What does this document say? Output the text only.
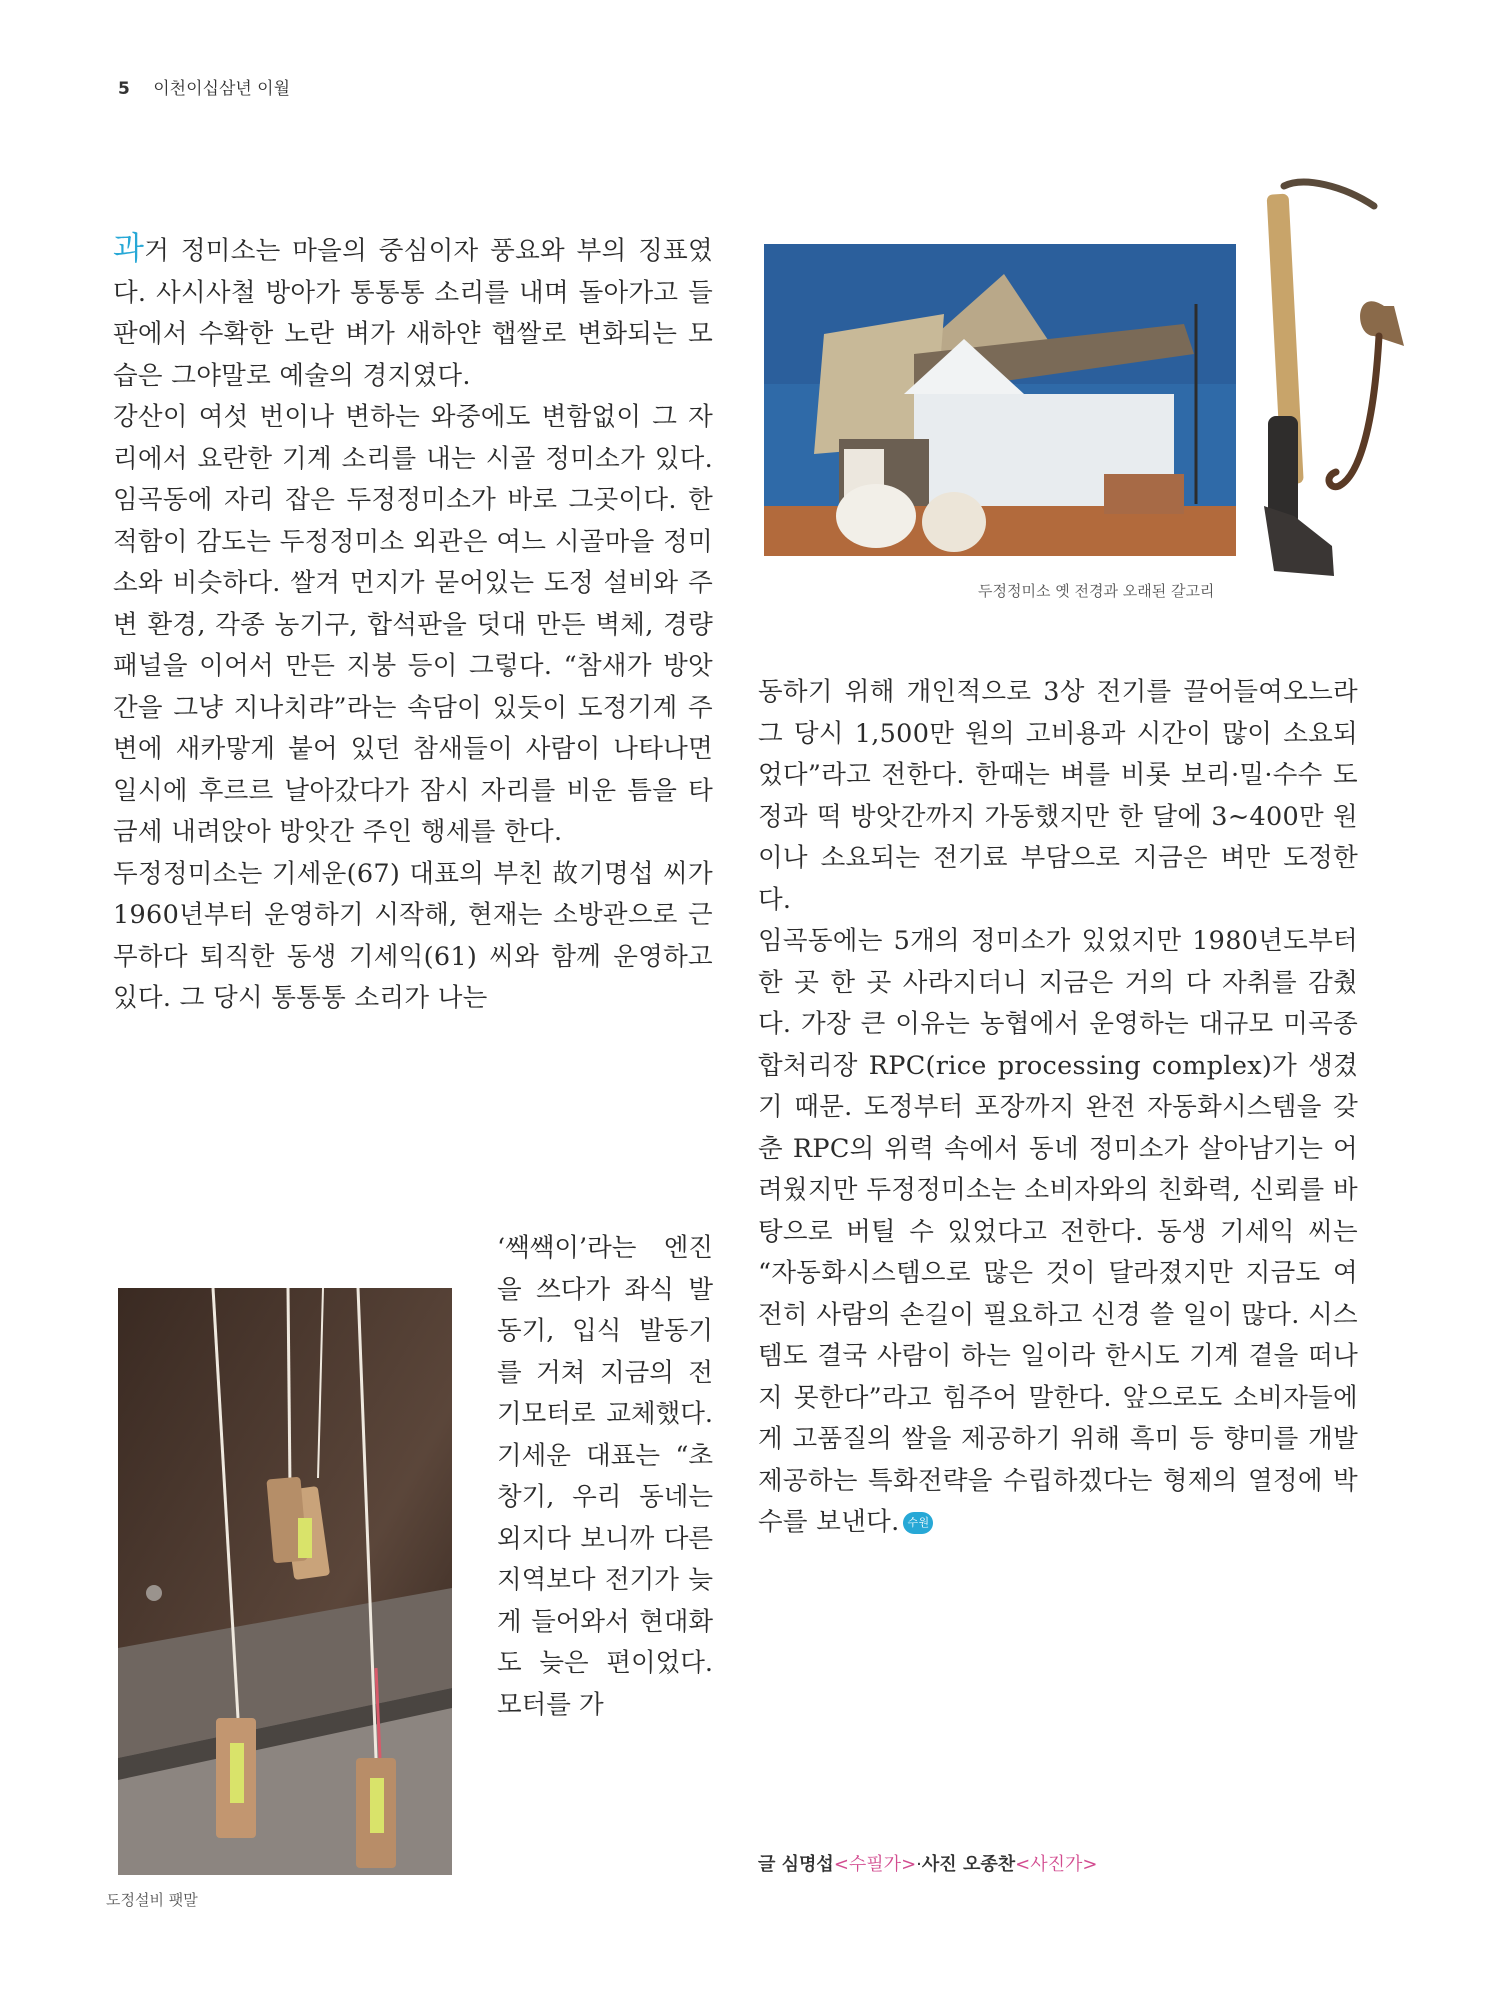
5 이천이십삼년 이월

과거 정미소는 마을의 중심이자 풍요와 부의 징표였다. 사시사철 방아가 통통통 소리를 내며 돌아가고 들판에서 수확한 노란 벼가 새하얀 햅쌀로 변화되는 모습은 그야말로 예술의 경지였다.

강산이 여섯 번이나 변하는 와중에도 변함없이 그 자리에서 요란한 기계 소리를 내는 시골 정미소가 있다. 임곡동에 자리 잡은 두정정미소가 바로 그곳이다. 한적함이 감도는 두정정미소 외관은 여느 시골마을 정미소와 비슷하다. 쌀겨 먼지가 묻어있는 도정 설비와 주변 환경, 각종 농기구, 합석판을 덧대 만든 벽체, 경량 패널을 이어서 만든 지붕 등이 그렇다. “참새가 방앗간을 그냥 지나치랴”라는 속담이 있듯이 도정기계 주변에 새카맣게 붙어 있던 참새들이 사람이 나타나면 일시에 후르르 날아갔다가 잠시 자리를 비운 틈을 타 금세 내려앉아 방앗간 주인 행세를 한다.

두정정미소는 기세운(67) 대표의 부친 故기명섭 씨가 1960년부터 운영하기 시작해, 현재는 소방관으로 근무하다 퇴직한 동생 기세익(61) 씨와 함께 운영하고 있다. 그 당시 통통통 소리가 나는

도정설비 팻말

‘쌕쌕이’라는 엔진을 쓰다가 좌식 발동기, 입식 발동기를 거쳐 지금의 전기모터로 교체했다. 기세운 대표는 “초창기, 우리 동네는 외지다 보니까 다른 지역보다 전기가 늦게 들어와서 현대화도 늦은 편이었다. 모터를 가

두정정미소 옛 전경과 오래된 갈고리

동하기 위해 개인적으로 3상 전기를 끌어들여오느라 그 당시 1,500만 원의 고비용과 시간이 많이 소요되었다”라고 전한다. 한때는 벼를 비롯 보리·밀·수수 도정과 떡 방앗간까지 가동했지만 한 달에 3~400만 원이나 소요되는 전기료 부담으로 지금은 벼만 도정한다.

임곡동에는 5개의 정미소가 있었지만 1980년도부터 한 곳 한 곳 사라지더니 지금은 거의 다 자취를 감췄다. 가장 큰 이유는 농협에서 운영하는 대규모 미곡종합처리장 RPC(rice processing complex)가 생겼기 때문. 도정부터 포장까지 완전 자동화시스템을 갖춘 RPC의 위력 속에서 동네 정미소가 살아남기는 어려웠지만 두정정미소는 소비자와의 친화력, 신뢰를 바탕으로 버틸 수 있었다고 전한다. 동생 기세익 씨는 “자동화시스템으로 많은 것이 달라졌지만 지금도 여전히 사람의 손길이 필요하고 신경 쓸 일이 많다. 시스템도 결국 사람이 하는 일이라 한시도 기계 곁을 떠나지 못한다”라고 힘주어 말한다. 앞으로도 소비자들에게 고품질의 쌀을 제공하기 위해 흑미 등 향미를 개발 제공하는 특화전략을 수립하겠다는 형제의 열정에 박수를 보낸다. 수원사

글 심명섭<수필가>·사진 오종찬<사진가>
